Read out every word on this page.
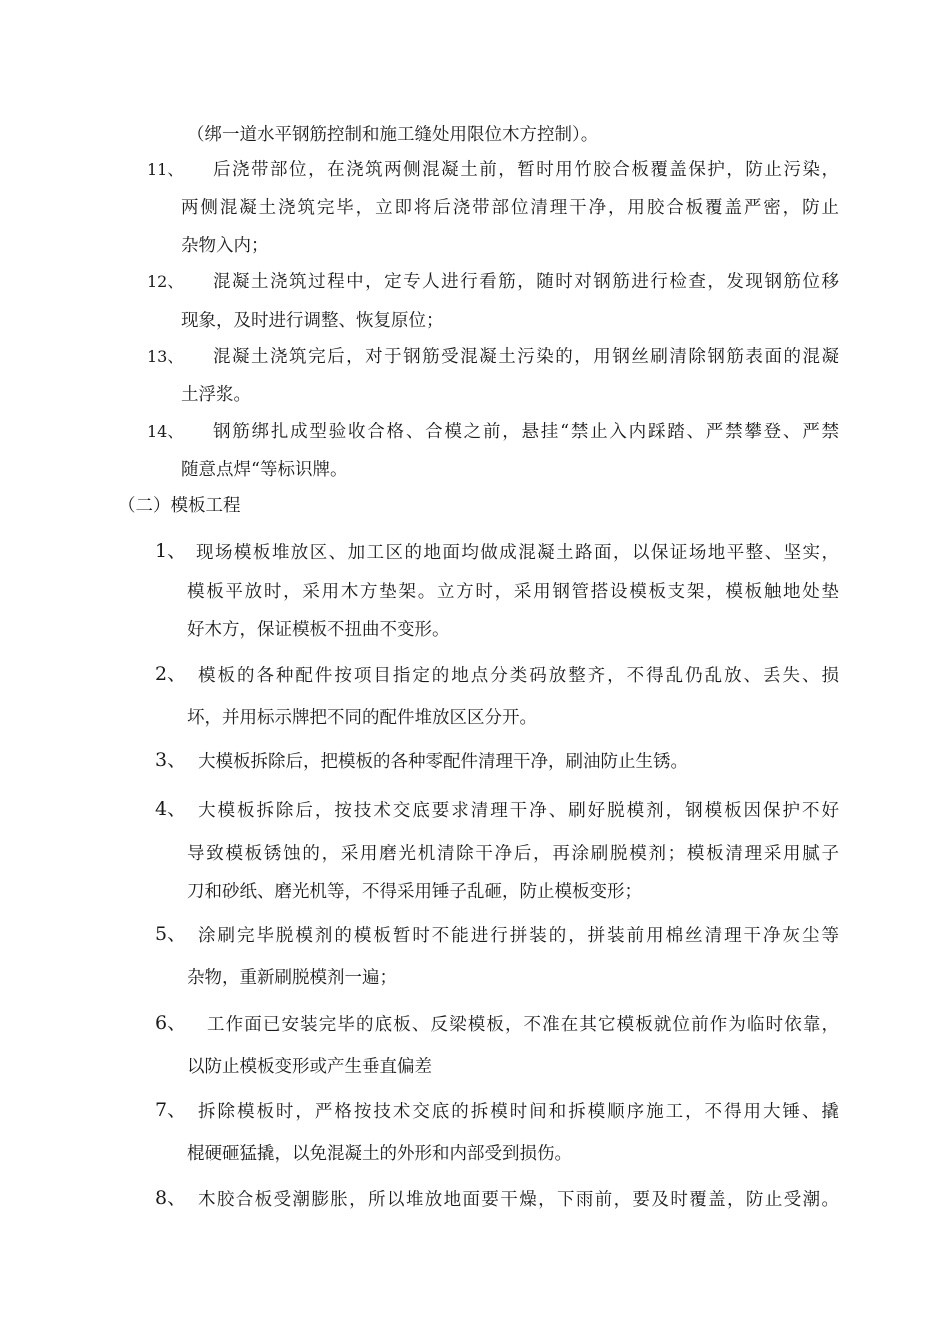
（绑一道水平钢筋控制和施工缝处用限位木方控制）。
11、 后浇带部位，在浇筑两侧混凝土前，暂时用竹胶合板覆盖保护，防止污染，
两侧混凝土浇筑完毕，立即将后浇带部位清理干净，用胶合板覆盖严密，防止
杂物入内；
12、 混凝土浇筑过程中，定专人进行看筋，随时对钢筋进行检查，发现钢筋位移
现象，及时进行调整、恢复原位；
13、 混凝土浇筑完后，对于钢筋受混凝土污染的，用钢丝刷清除钢筋表面的混凝
土浮浆。
14、 钢筋绑扎成型验收合格、合模之前，悬挂“禁止入内踩踏、严禁攀登、严禁
随意点焊“等标识牌。
（二）模板工程
1、 现场模板堆放区、加工区的地面均做成混凝土路面，以保证场地平整、坚实，
模板平放时，采用木方垫架。立方时，采用钢管搭设模板支架，模板触地处垫
好木方，保证模板不扭曲不变形。
2、 模板的各种配件按项目指定的地点分类码放整齐，不得乱仍乱放、丢失、损
坏，并用标示牌把不同的配件堆放区区分开。
3、 大模板拆除后，把模板的各种零配件清理干净，刷油防止生锈。
4、 大模板拆除后，按技术交底要求清理干净、刷好脱模剂，钢模板因保护不好
导致模板锈蚀的，采用磨光机清除干净后，再涂刷脱模剂；模板清理采用腻子
刀和砂纸、磨光机等，不得采用锤子乱砸，防止模板变形；
5、 涂刷完毕脱模剂的模板暂时不能进行拼装的，拼装前用棉丝清理干净灰尘等
杂物，重新刷脱模剂一遍；
6、 工作面已安装完毕的底板、反梁模板，不准在其它模板就位前作为临时依靠，
以防止模板变形或产生垂直偏差
7、 拆除模板时，严格按技术交底的拆模时间和拆模顺序施工，不得用大锤、撬
棍硬砸猛撬，以免混凝土的外形和内部受到损伤。
8、 木胶合板受潮膨胀，所以堆放地面要干燥，下雨前，要及时覆盖，防止受潮。
